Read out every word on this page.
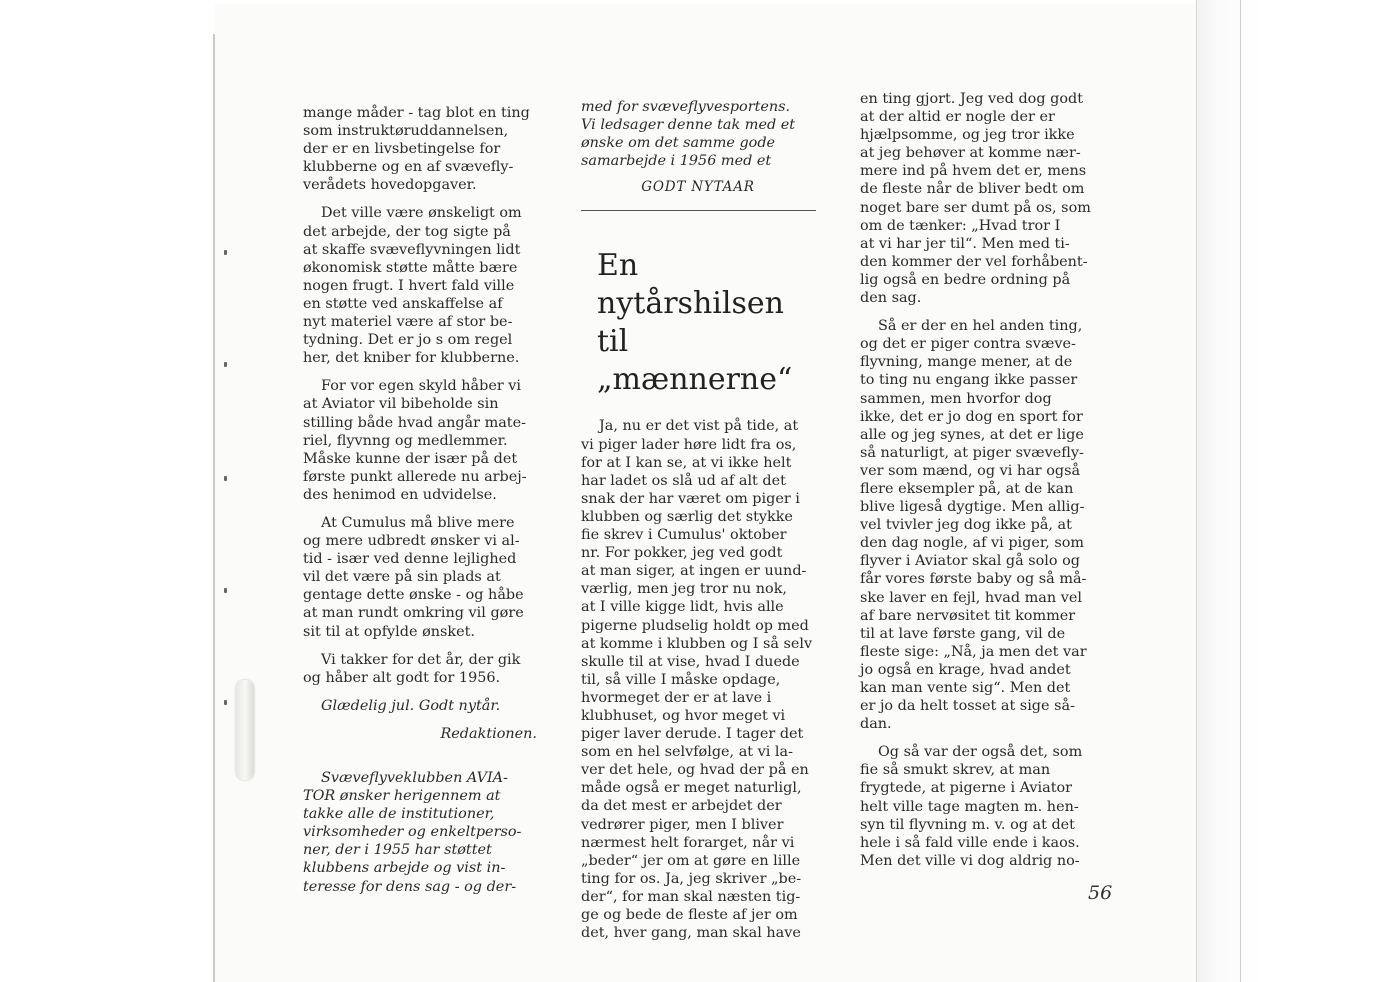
mange måder - tag blot en ting
som instruktøruddannelsen,
der er en livsbetingelse for
klubberne og en af svævefly-
verådets hovedopgaver.

Det ville være ønskeligt om
det arbejde, der tog sigte på
at skaffe svæveflyvningen lidt
økonomisk støtte måtte bære
nogen frugt. I hvert fald ville
en støtte ved anskaffelse af
nyt materiel være af stor be-
tydning. Det er jo s om regel
her, det kniber for klubberne.

For vor egen skyld håber vi
at Aviator vil bibeholde sin
stilling både hvad angår mate-
riel, flyvnng og medlemmer.
Måske kunne der især på det
første punkt allerede nu arbej-
des henimod en udvidelse.

At Cumulus må blive mere
og mere udbredt ønsker vi al-
tid - især ved denne lejlighed
vil det være på sin plads at
gentage dette ønske - og håbe
at man rundt omkring vil gøre
sit til at opfylde ønsket.

Vi takker for det år, der gik
og håber alt godt for 1956.

Glædelig jul. Godt nytår.

Redaktionen.

Svæveflyveklubben AVIA-
TOR ønsker herigennem at
takke alle de institutioner,
virksomheder og enkeltperso-
ner, der i 1955 har støttet
klubbens arbejde og vist in-
teresse for dens sag - og der-

med for svæveflyvesportens.
Vi ledsager denne tak med et
ønske om det samme gode
samarbejde i 1956 med et

GODT NYTAAR

En nytårshilsen
til „mænnerne“

Ja, nu er det vist på tide, at
vi piger lader høre lidt fra os,
for at I kan se, at vi ikke helt
har ladet os slå ud af alt det
snak der har været om piger i
klubben og særlig det stykke
fie skrev i Cumulus' oktober
nr. For pokker, jeg ved godt
at man siger, at ingen er uund-
værlig, men jeg tror nu nok,
at I ville kigge lidt, hvis alle
pigerne pludselig holdt op med
at komme i klubben og I så selv
skulle til at vise, hvad I duede
til, så ville I måske opdage,
hvormeget der er at lave i
klubhuset, og hvor meget vi
piger laver derude. I tager det
som en hel selvfølge, at vi la-
ver det hele, og hvad der på en
måde også er meget naturligl,
da det mest er arbejdet der
vedrører piger, men I bliver
nærmest helt forarget, når vi
„beder“ jer om at gøre en lille
ting for os. Ja, jeg skriver „be-
der“, for man skal næsten tig-
ge og bede de fleste af jer om
det, hver gang, man skal have

en ting gjort. Jeg ved dog godt
at der altid er nogle der er
hjælpsomme, og jeg tror ikke
at jeg behøver at komme nær-
mere ind på hvem det er, mens
de fleste når de bliver bedt om
noget bare ser dumt på os, som
om de tænker: „Hvad tror I
at vi har jer til“. Men med ti-
den kommer der vel forhåbent-
lig også en bedre ordning på
den sag.

Så er der en hel anden ting,
og det er piger contra svæve-
flyvning, mange mener, at de
to ting nu engang ikke passer
sammen, men hvorfor dog
ikke, det er jo dog en sport for
alle og jeg synes, at det er lige
så naturligt, at piger svævefly-
ver som mænd, og vi har også
flere eksempler på, at de kan
blive ligeså dygtige. Men allig-
vel tvivler jeg dog ikke på, at
den dag nogle, af vi piger, som
flyver i Aviator skal gå solo og
får vores første baby og så må-
ske laver en fejl, hvad man vel
af bare nervøsitet tit kommer
til at lave første gang, vil de
fleste sige: „Nå, ja men det var
jo også en krage, hvad andet
kan man vente sig“. Men det
er jo da helt tosset at sige så-
dan.

Og så var der også det, som
fie så smukt skrev, at man
frygtede, at pigerne i Aviator
helt ville tage magten m. hen-
syn til flyvning m. v. og at det
hele i så fald ville ende i kaos.
Men det ville vi dog aldrig no-

56
